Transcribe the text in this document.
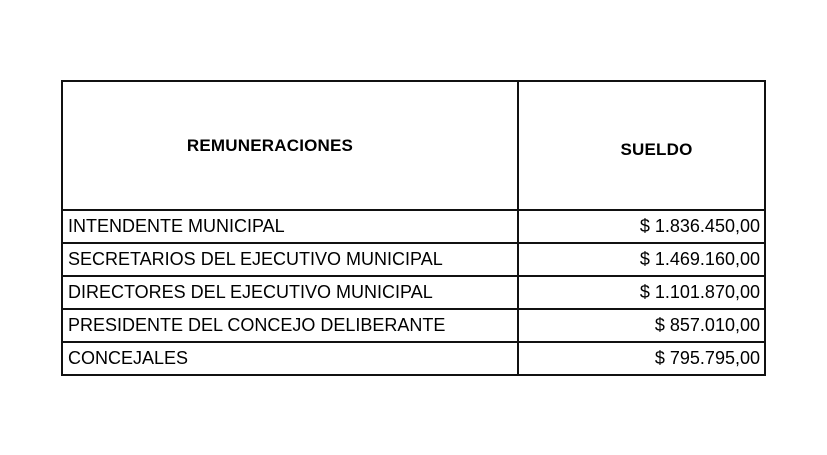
REMUNERACIONES	SUELDO
INTENDENTE MUNICIPAL	$ 1.836.450,00
SECRETARIOS DEL EJECUTIVO MUNICIPAL	$ 1.469.160,00
DIRECTORES DEL EJECUTIVO MUNICIPAL	$ 1.101.870,00
PRESIDENTE DEL CONCEJO DELIBERANTE	$ 857.010,00
CONCEJALES	$ 795.795,00
